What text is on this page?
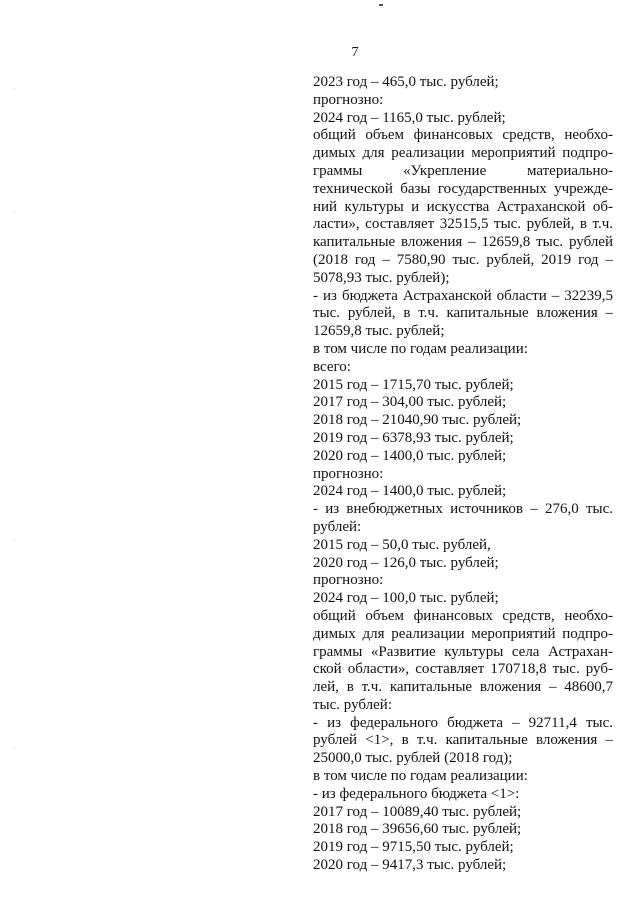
7
2023 год – 465,0 тыс. рублей;
прогнозно:
2024 год – 1165,0 тыс. рублей;
общий объем финансовых средств, необхо-
димых для реализации мероприятий подпро-
граммы «Укрепление материально-
технической базы государственных учрежде-
ний культуры и искусства Астраханской об-
ласти», составляет 32515,5 тыс. рублей, в т.ч.
капитальные вложения – 12659,8 тыс. рублей
(2018 год – 7580,90 тыс. рублей, 2019 год –
5078,93 тыс. рублей);
- из бюджета Астраханской области – 32239,5
тыс. рублей, в т.ч. капитальные вложения –
12659,8 тыс. рублей;
в том числе по годам реализации:
всего:
2015 год – 1715,70 тыс. рублей;
2017 год – 304,00 тыс. рублей;
2018 год – 21040,90 тыс. рублей;
2019 год – 6378,93 тыс. рублей;
2020 год – 1400,0 тыс. рублей;
прогнозно:
2024 год – 1400,0 тыс. рублей;
- из внебюджетных источников – 276,0 тыс.
рублей:
2015 год – 50,0 тыс. рублей,
2020 год – 126,0 тыс. рублей;
прогнозно:
2024 год – 100,0 тыс. рублей;
общий объем финансовых средств, необхо-
димых для реализации мероприятий подпро-
граммы «Развитие культуры села Астрахан-
ской области», составляет 170718,8 тыс. руб-
лей, в т.ч. капитальные вложения – 48600,7
тыс. рублей:
- из федерального бюджета – 92711,4 тыс.
рублей <1>, в т.ч. капитальные вложения –
25000,0 тыс. рублей (2018 год);
в том числе по годам реализации:
- из федерального бюджета <1>:
2017 год – 10089,40 тыс. рублей;
2018 год – 39656,60 тыс. рублей;
2019 год – 9715,50 тыс. рублей;
2020 год – 9417,3 тыс. рублей;
